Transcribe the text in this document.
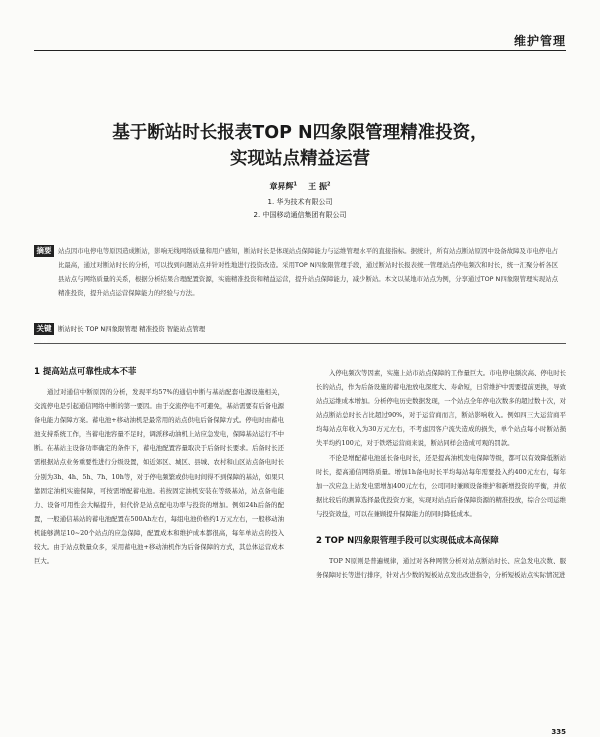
维护管理
基于断站时长报表TOP N四象限管理精准投资，
实现站点精益运营
章昇辉$^1$ 王 振$^2$
1. 华为技术有限公司
2. 中国移动通信集团有限公司
摘要	站点因市电停电等原因造成断站，影响无线网络质量和用户感知，断站时长是体现站点保障能力与运维管理水平的直接指标。据统计，所有站点断站原因中设备故障及市电停电占比最高，通过对断站时长的分析，可以找到问题站点并针对性地进行投资改造。采用TOP N四象限管理手段，通过断站时长报表统一管理站点停电频次和时长，统一汇聚分析各区县站点与网络质量的关系，根据分析结果合理配置资源，实施精准投资和精益运营，提升站点保障能力，减少断站。本文以某地市站点为例，分享通过TOP N四象限管理实现站点精准投资，提升站点运营保障能力的经验与方法。
关键词
断站时长 TOP N四象限管理 精准投资 智能站点管理
1 提高站点可靠性成本不菲

通过对通信中断原因的分析，发现平均57%的通信中断与基站配套电源设施相关，交流停电是引起通信网络中断的第一要因。由于交流停电不可避免，基站需要有后备电源备电能力保障方案。蓄电池+移动油机是最常用的站点供电后备保障方式。停电时由蓄电池支持系统工作，当蓄电池容量不足时，调派移动油机上站应急发电，保障基站运行不中断。在基站主设备功率确定的条件下，蓄电池配置容量取决于后备时长要求。后备时长还需根据站点业务重要性进行分级设置，如近郊区、城区、县城、农村和山区站点备电时长分别为3h、4h、5h、7h、10h等，对于停电频繁或供电时间得不到保障的基站，如果只靠固定油机实施保障，可按需增配蓄电池。若按固定油机安装在等级基站，站点备电能力、设备可用性会大幅提升，但代价是站点配电功率与投资的增加。例如24h后备的配置，一般通信基站的蓄电池配置在500Ah左右，每组电池价格约1万元左右，一般移动油机能够满足10~20个站点的应急保障，配置成本和维护成本都很高，每年单站点的投入较大。由于站点数量众多，采用蓄电池+移动油机作为后备保障的方式，其总体运营成本巨大。

入停电频次等因素，实施上站市站点保障的工作量巨大。市电停电频次高、停电时长长的站点，作为后备设施的蓄电池放电深度大、寿命短，日常维护中需要提前更换，导致站点运维成本增加。分析停电历史数据发现，一个站点全年停电次数多的超过数十次，对站点断站总时长占比超过90%，对于运营商而言，断站影响收入。例如四三大运营商平均每站点年收入为30万元左右，不考虑因客户流失造成的损失，单个站点每小时断站损失平均约100元，对于铁塔运营商来说，断站同样会造成可观的罚款。

不论是增配蓄电池延长备电时长，还是提高油机发电保障等级，都可以有效降低断站时长，提高通信网络质量。增加1h备电时长平均每站每年需要投入约400元左右，每年加一次应急上站发电需增加400元左右，公司同时兼顾设备维护和新增投资的平衡，并依据比较后的测算选择最优投资方案，实现对站点后备保障资源的精准投放，综合公司运维与投资效益，可以在兼顾提升保障能力的同时降低成本。

2 TOP N四象限管理手段可以实现低成本高保障

TOP N原则是普遍规律，通过对各种网管分析对站点断站时长、应急发电次数、服务保障时长等进行排序，针对占少数的短板站点发出改进指令，分析短板站点实际情况进

335
